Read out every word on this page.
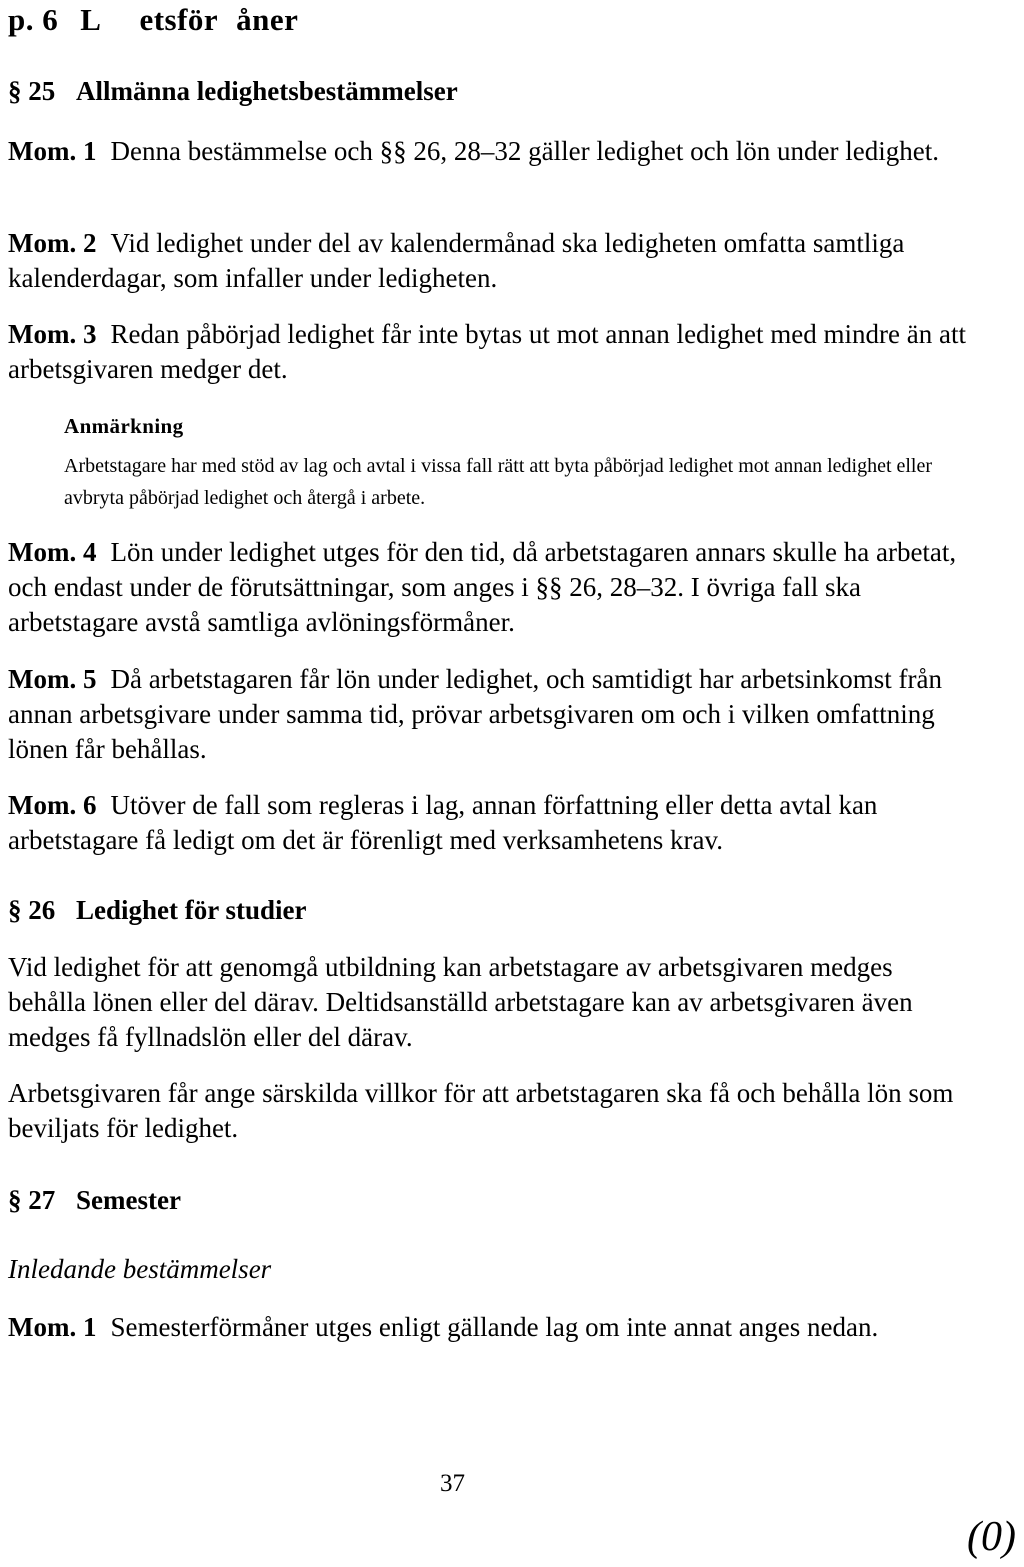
p. 6 L etsför åner
§ 25 Allmänna ledighetsbestämmelser

Mom. 1 Denna bestämmelse och §§ 26, 28–32 gäller ledighet och lön under ledighet.

Mom. 2 Vid ledighet under del av kalendermånad ska ledigheten omfatta samtliga kalenderdagar, som infaller under ledigheten.

Mom. 3 Redan påbörjad ledighet får inte bytas ut mot annan ledighet med mindre än att arbetsgivaren medger det.

Anmärkning

Arbetstagare har med stöd av lag och avtal i vissa fall rätt att byta påbörjad ledighet mot annan ledighet eller avbryta påbörjad ledighet och återgå i arbete.

Mom. 4 Lön under ledighet utges för den tid, då arbetstagaren annars skulle ha arbetat, och endast under de förutsättningar, som anges i §§ 26, 28–32. I övriga fall ska arbetstagare avstå samtliga avlöningsförmåner.

Mom. 5 Då arbetstagaren får lön under ledighet, och samtidigt har arbetsinkomst från annan arbetsgivare under samma tid, prövar arbetsgivaren om och i vilken omfattning lönen får behållas.

Mom. 6 Utöver de fall som regleras i lag, annan författning eller detta avtal kan arbetstagare få ledigt om det är förenligt med verksamhetens krav.

§ 26 Ledighet för studier

Vid ledighet för att genomgå utbildning kan arbetstagare av arbetsgivaren medges behålla lönen eller del därav. Deltidsanställd arbetstagare kan av arbetsgivaren även medges få fyllnadslön eller del därav.

Arbetsgivaren får ange särskilda villkor för att arbetstagaren ska få och behålla lön som beviljats för ledighet.

§ 27 Semester
Inledande bestämmelser

Mom. 1 Semesterförmåner utges enligt gällande lag om inte annat anges nedan.

37
(0)
